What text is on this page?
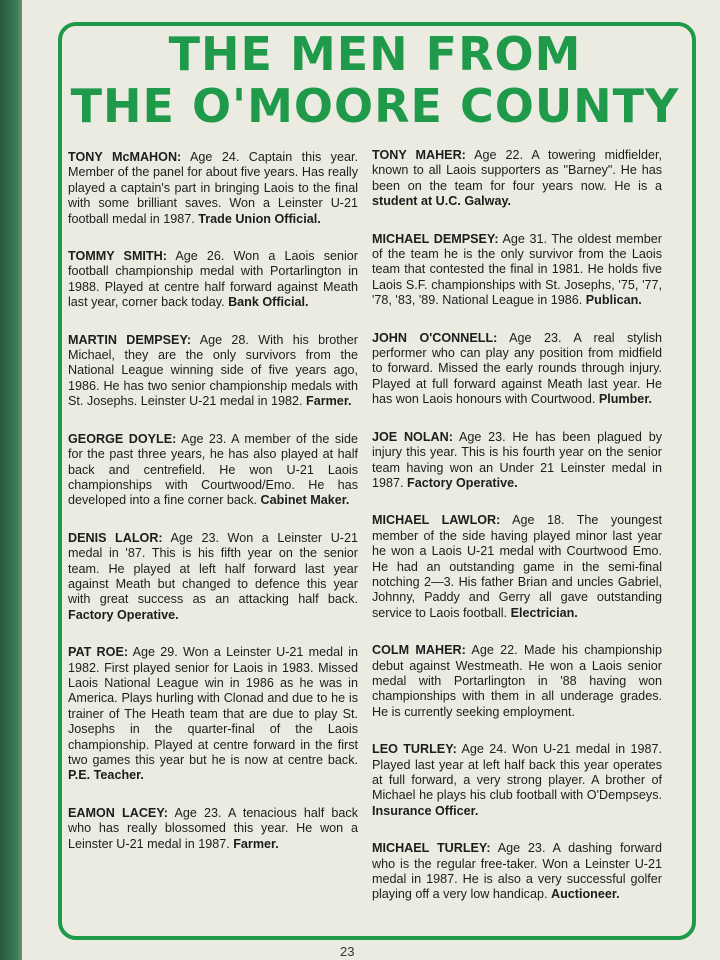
THE MEN FROM
THE O'MOORE COUNTY

TONY McMAHON: Age 24. Captain this year. Member of the panel for about five years. Has really played a captain's part in bringing Laois to the final with some brilliant saves. Won a Leinster U-21 football medal in 1987. Trade Union Official.

TOMMY SMITH: Age 26. Won a Laois senior football championship medal with Portarlington in 1988. Played at centre half forward against Meath last year, corner back today. Bank Official.

MARTIN DEMPSEY: Age 28. With his brother Michael, they are the only survivors from the National League winning side of five years ago, 1986. He has two senior championship medals with St. Josephs. Leinster U-21 medal in 1982. Farmer.

GEORGE DOYLE: Age 23. A member of the side for the past three years, he has also played at half back and centrefield. He won U-21 Laois championships with Courtwood/Emo. He has developed into a fine corner back. Cabinet Maker.

DENIS LALOR: Age 23. Won a Leinster U-21 medal in '87. This is his fifth year on the senior team. He played at left half forward last year against Meath but changed to defence this year with great success as an attacking half back. Factory Operative.

PAT ROE: Age 29. Won a Leinster U-21 medal in 1982. First played senior for Laois in 1983. Missed Laois National League win in 1986 as he was in America. Plays hurling with Clonad and due to he is trainer of The Heath team that are due to play St. Josephs in the quarter-final of the Laois championship. Played at centre forward in the first two games this year but he is now at centre back. P.E. Teacher.

EAMON LACEY: Age 23. A tenacious half back who has really blossomed this year. He won a Leinster U-21 medal in 1987. Farmer.

TONY MAHER: Age 22. A towering midfielder, known to all Laois supporters as "Barney". He has been on the team for four years now. He is a student at U.C. Galway.

MICHAEL DEMPSEY: Age 31. The oldest member of the team he is the only survivor from the Laois team that contested the final in 1981. He holds five Laois S.F. championships with St. Josephs, '75, '77, '78, '83, '89. National League in 1986. Publican.

JOHN O'CONNELL: Age 23. A real stylish performer who can play any position from midfield to forward. Missed the early rounds through injury. Played at full forward against Meath last year. He has won Laois honours with Courtwood. Plumber.

JOE NOLAN: Age 23. He has been plagued by injury this year. This is his fourth year on the senior team having won an Under 21 Leinster medal in 1987. Factory Operative.

MICHAEL LAWLOR: Age 18. The youngest member of the side having played minor last year he won a Laois U-21 medal with Courtwood Emo. He had an outstanding game in the semi-final notching 2—3. His father Brian and uncles Gabriel, Johnny, Paddy and Gerry all gave outstanding service to Laois football. Electrician.

COLM MAHER: Age 22. Made his championship debut against Westmeath. He won a Laois senior medal with Portarlington in '88 having won championships with them in all underage grades. He is currently seeking employment.

LEO TURLEY: Age 24. Won U-21 medal in 1987. Played last year at left half back this year operates at full forward, a very strong player. A brother of Michael he plays his club football with O'Dempseys. Insurance Officer.

MICHAEL TURLEY: Age 23. A dashing forward who is the regular free-taker. Won a Leinster U-21 medal in 1987. He is also a very successful golfer playing off a very low handicap. Auctioneer.

23
